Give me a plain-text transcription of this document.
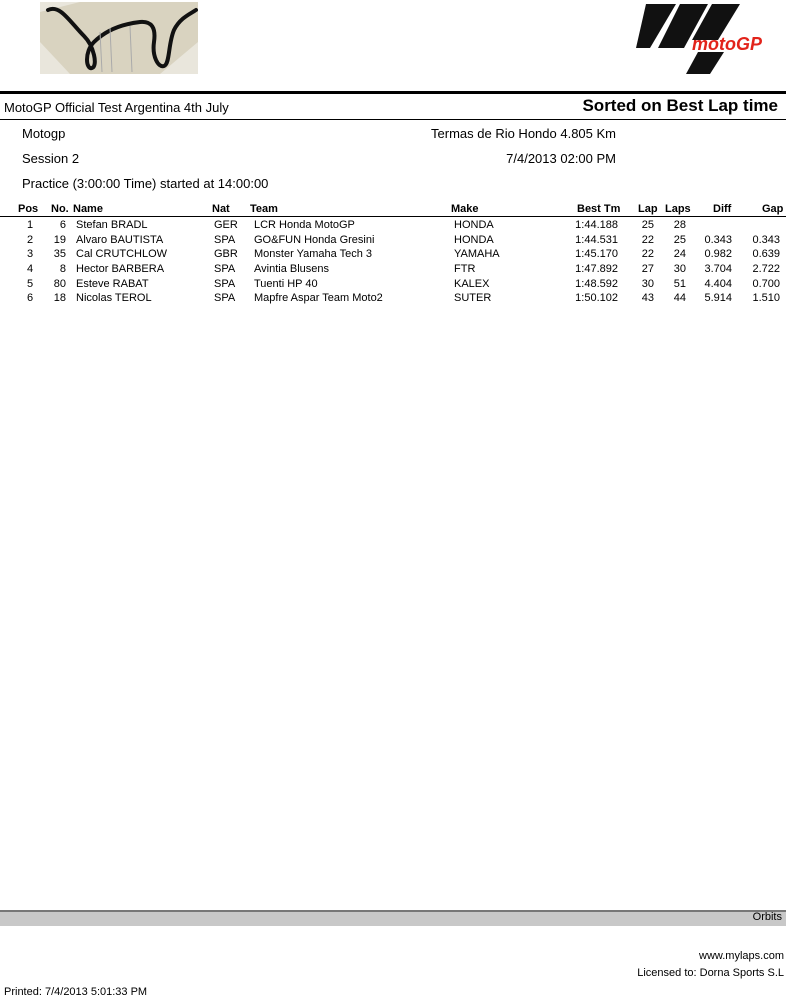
motoGP
MotoGP Official Test Argentina 4th July	Sorted on Best Lap time
Motogp	Termas de Rio Hondo 4.805 Km
Session 2	7/4/2013 02:00 PM
Practice (3:00:00 Time) started at 14:00:00
Pos No. Name	Nat Team	Make	Best Tm Lap Laps Diff	Gap
1	6 Stefan BRADL	GER LCR Honda MotoGP	HONDA	1:44.188	25	28
2	19 Alvaro BAUTISTA	SPA GO&FUN Honda Gresini	HONDA	1:44.531	22	25	0.343	0.343
3	35 Cal CRUTCHLOW	GBR Monster Yamaha Tech 3	YAMAHA	1:45.170	22	24	0.982	0.639
4	8 Hector BARBERA	SPA Avintia Blusens	FTR	1:47.892	27	30	3.704	2.722
5	80 Esteve RABAT	SPA Tuenti HP 40	KALEX	1:48.592	30	51	4.404	0.700
6	18 Nicolas TEROL	SPA Mapfre Aspar Team Moto2	SUTER	1:50.102	43	44	5.914	1.510
Orbits
www.mylaps.com
Licensed to: Dorna Sports S.L
Printed: 7/4/2013 5:01:33 PM
